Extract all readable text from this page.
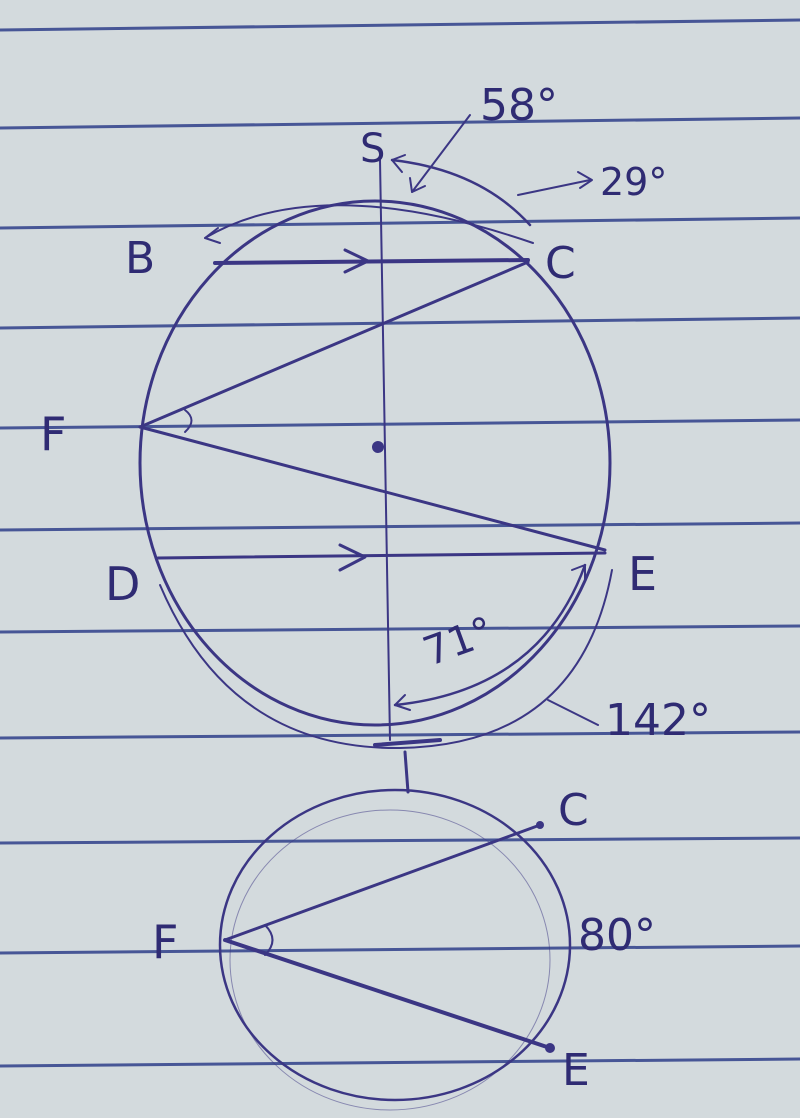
B	C
S
F
D	E
58°
29°
71°
142°
F
C
E
80°
